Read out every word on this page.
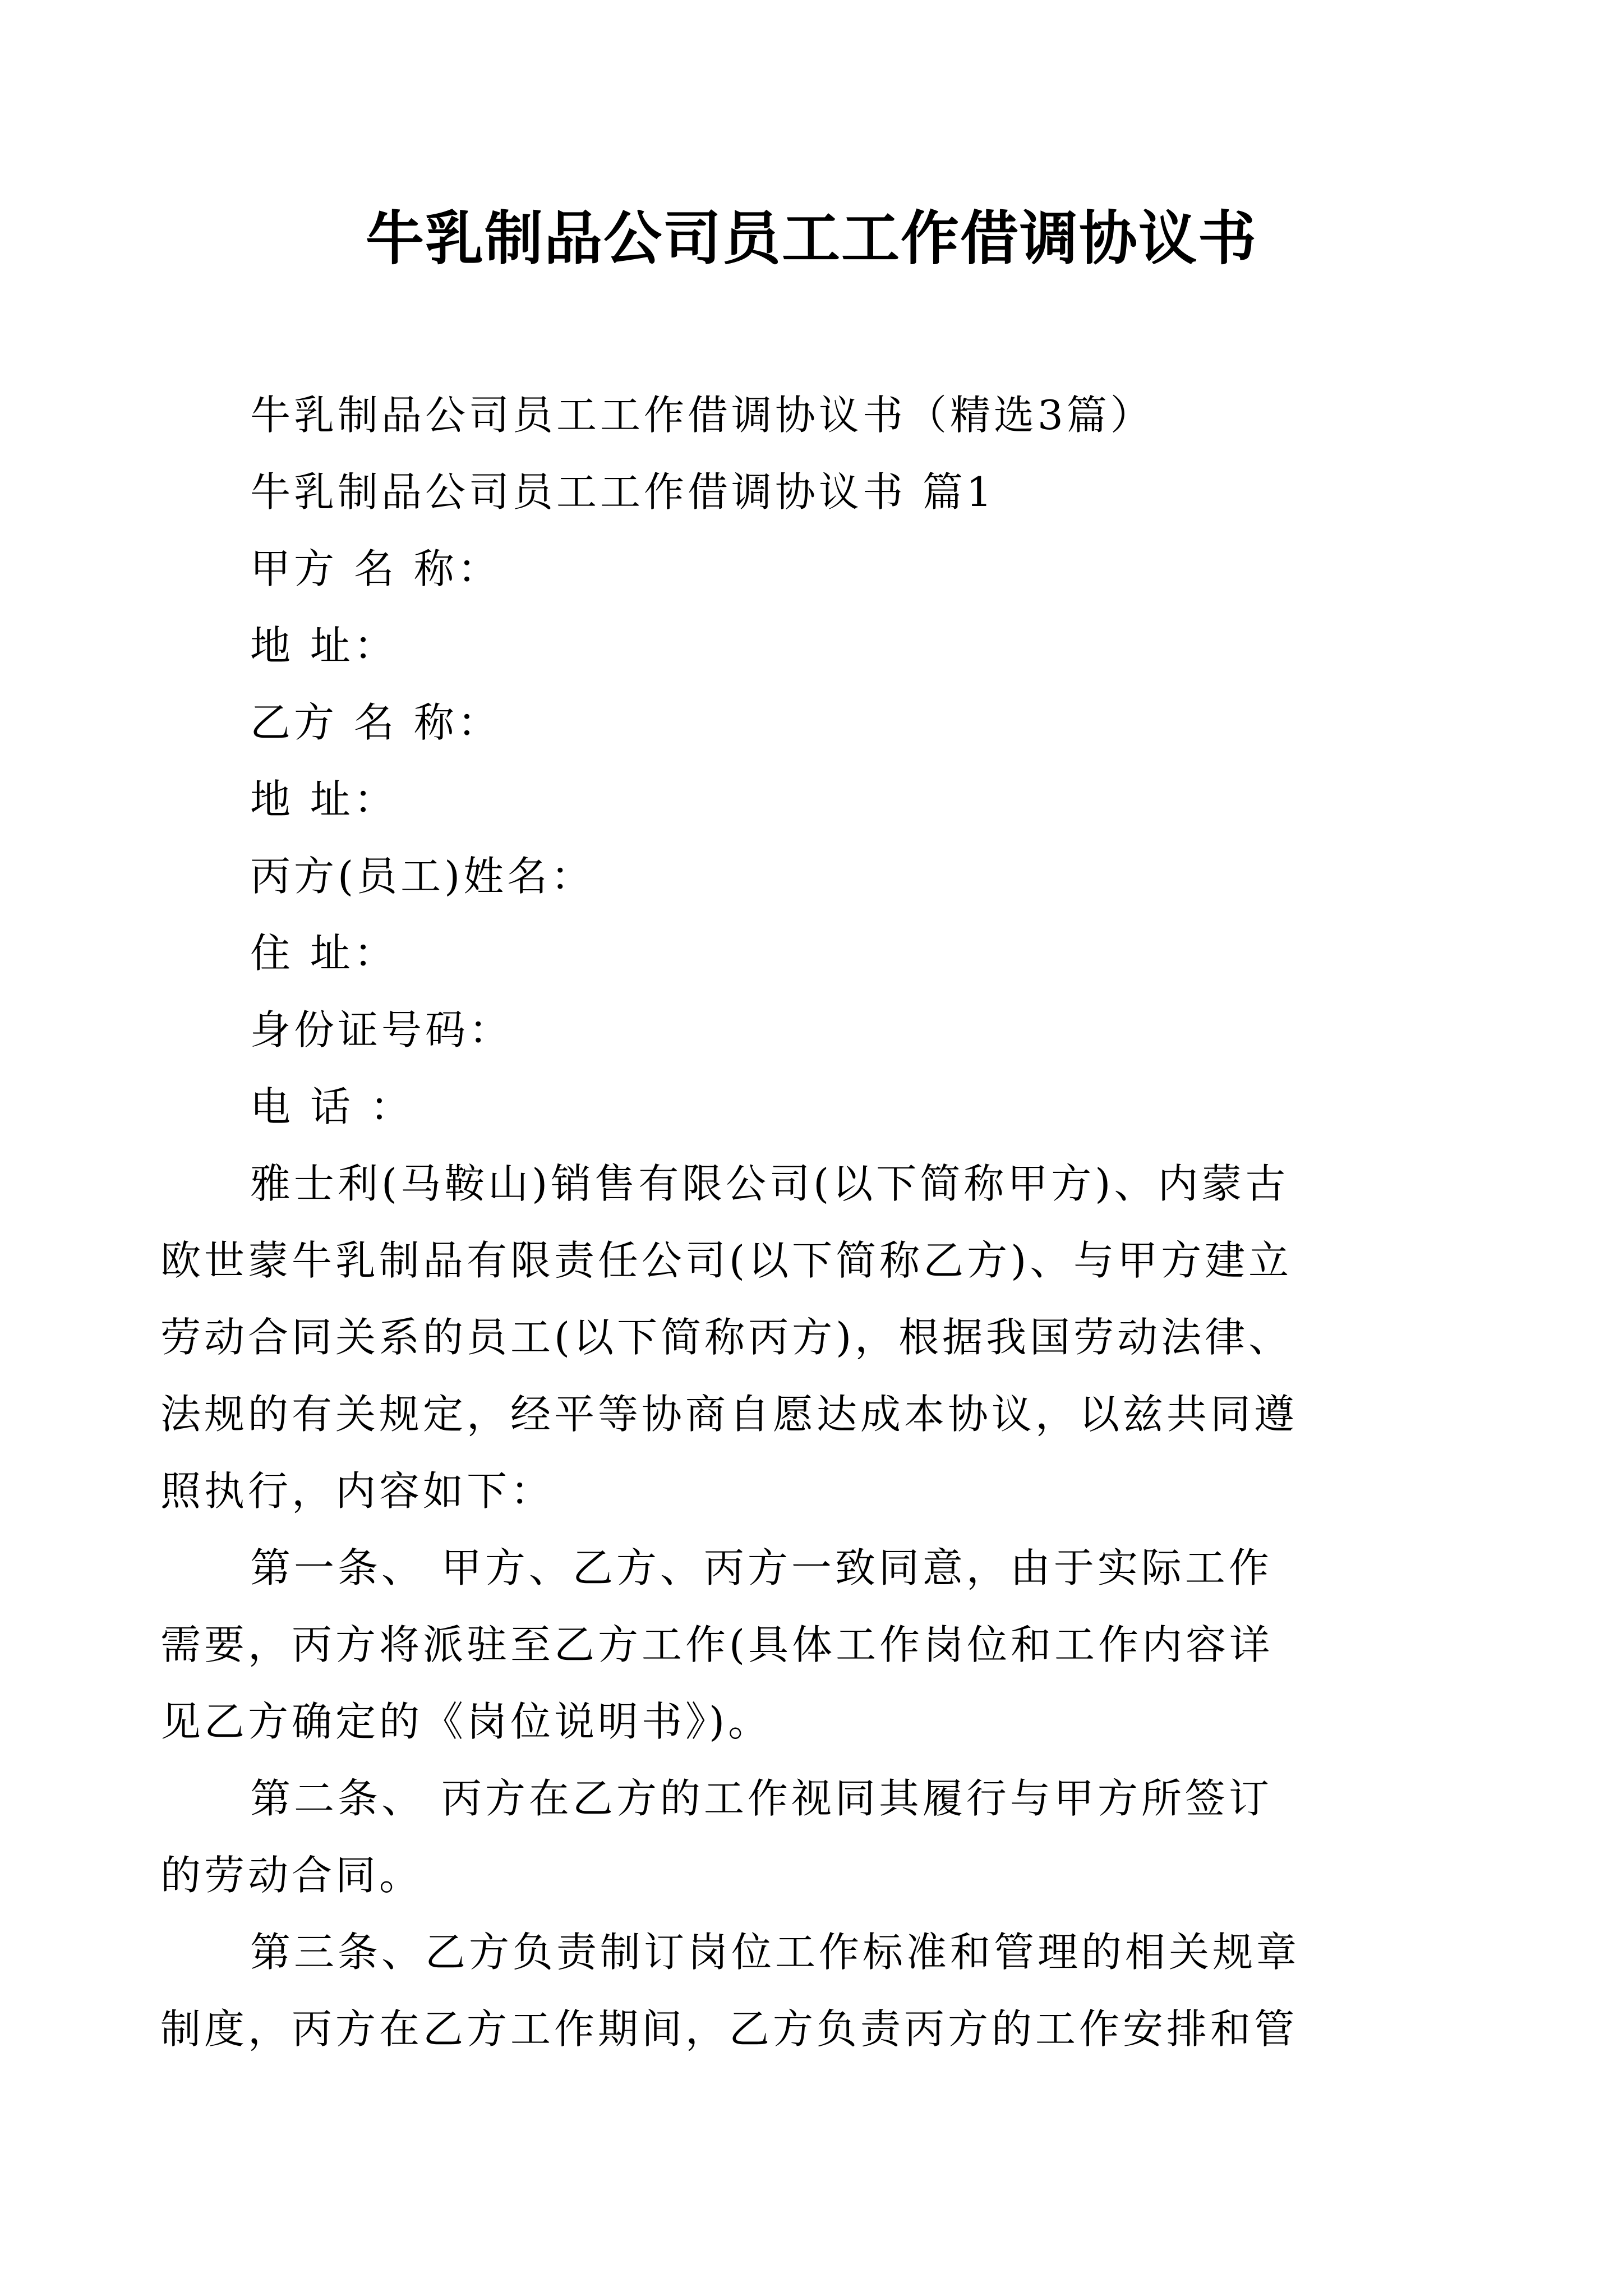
牛乳制品公司员工工作借调协议书

牛乳制品公司员工工作借调协议书（精选3篇）

牛乳制品公司员工工作借调协议书 篇1

甲方 名 称：

地 址：

乙方 名 称：

地 址：

丙方(员工)姓名：

住 址：

身份证号码：

电 话 ：

雅士利(马鞍山)销售有限公司(以下简称甲方)、内蒙古

欧世蒙牛乳制品有限责任公司(以下简称乙方)、与甲方建立

劳动合同关系的员工(以下简称丙方)，根据我国劳动法律、

法规的有关规定，经平等协商自愿达成本协议，以兹共同遵

照执行，内容如下：

第一条、 甲方、乙方、丙方一致同意，由于实际工作

需要，丙方将派驻至乙方工作(具体工作岗位和工作内容详

见乙方确定的《岗位说明书》)。

第二条、 丙方在乙方的工作视同其履行与甲方所签订

的劳动合同。

第三条、乙方负责制订岗位工作标准和管理的相关规章

制度，丙方在乙方工作期间，乙方负责丙方的工作安排和管
